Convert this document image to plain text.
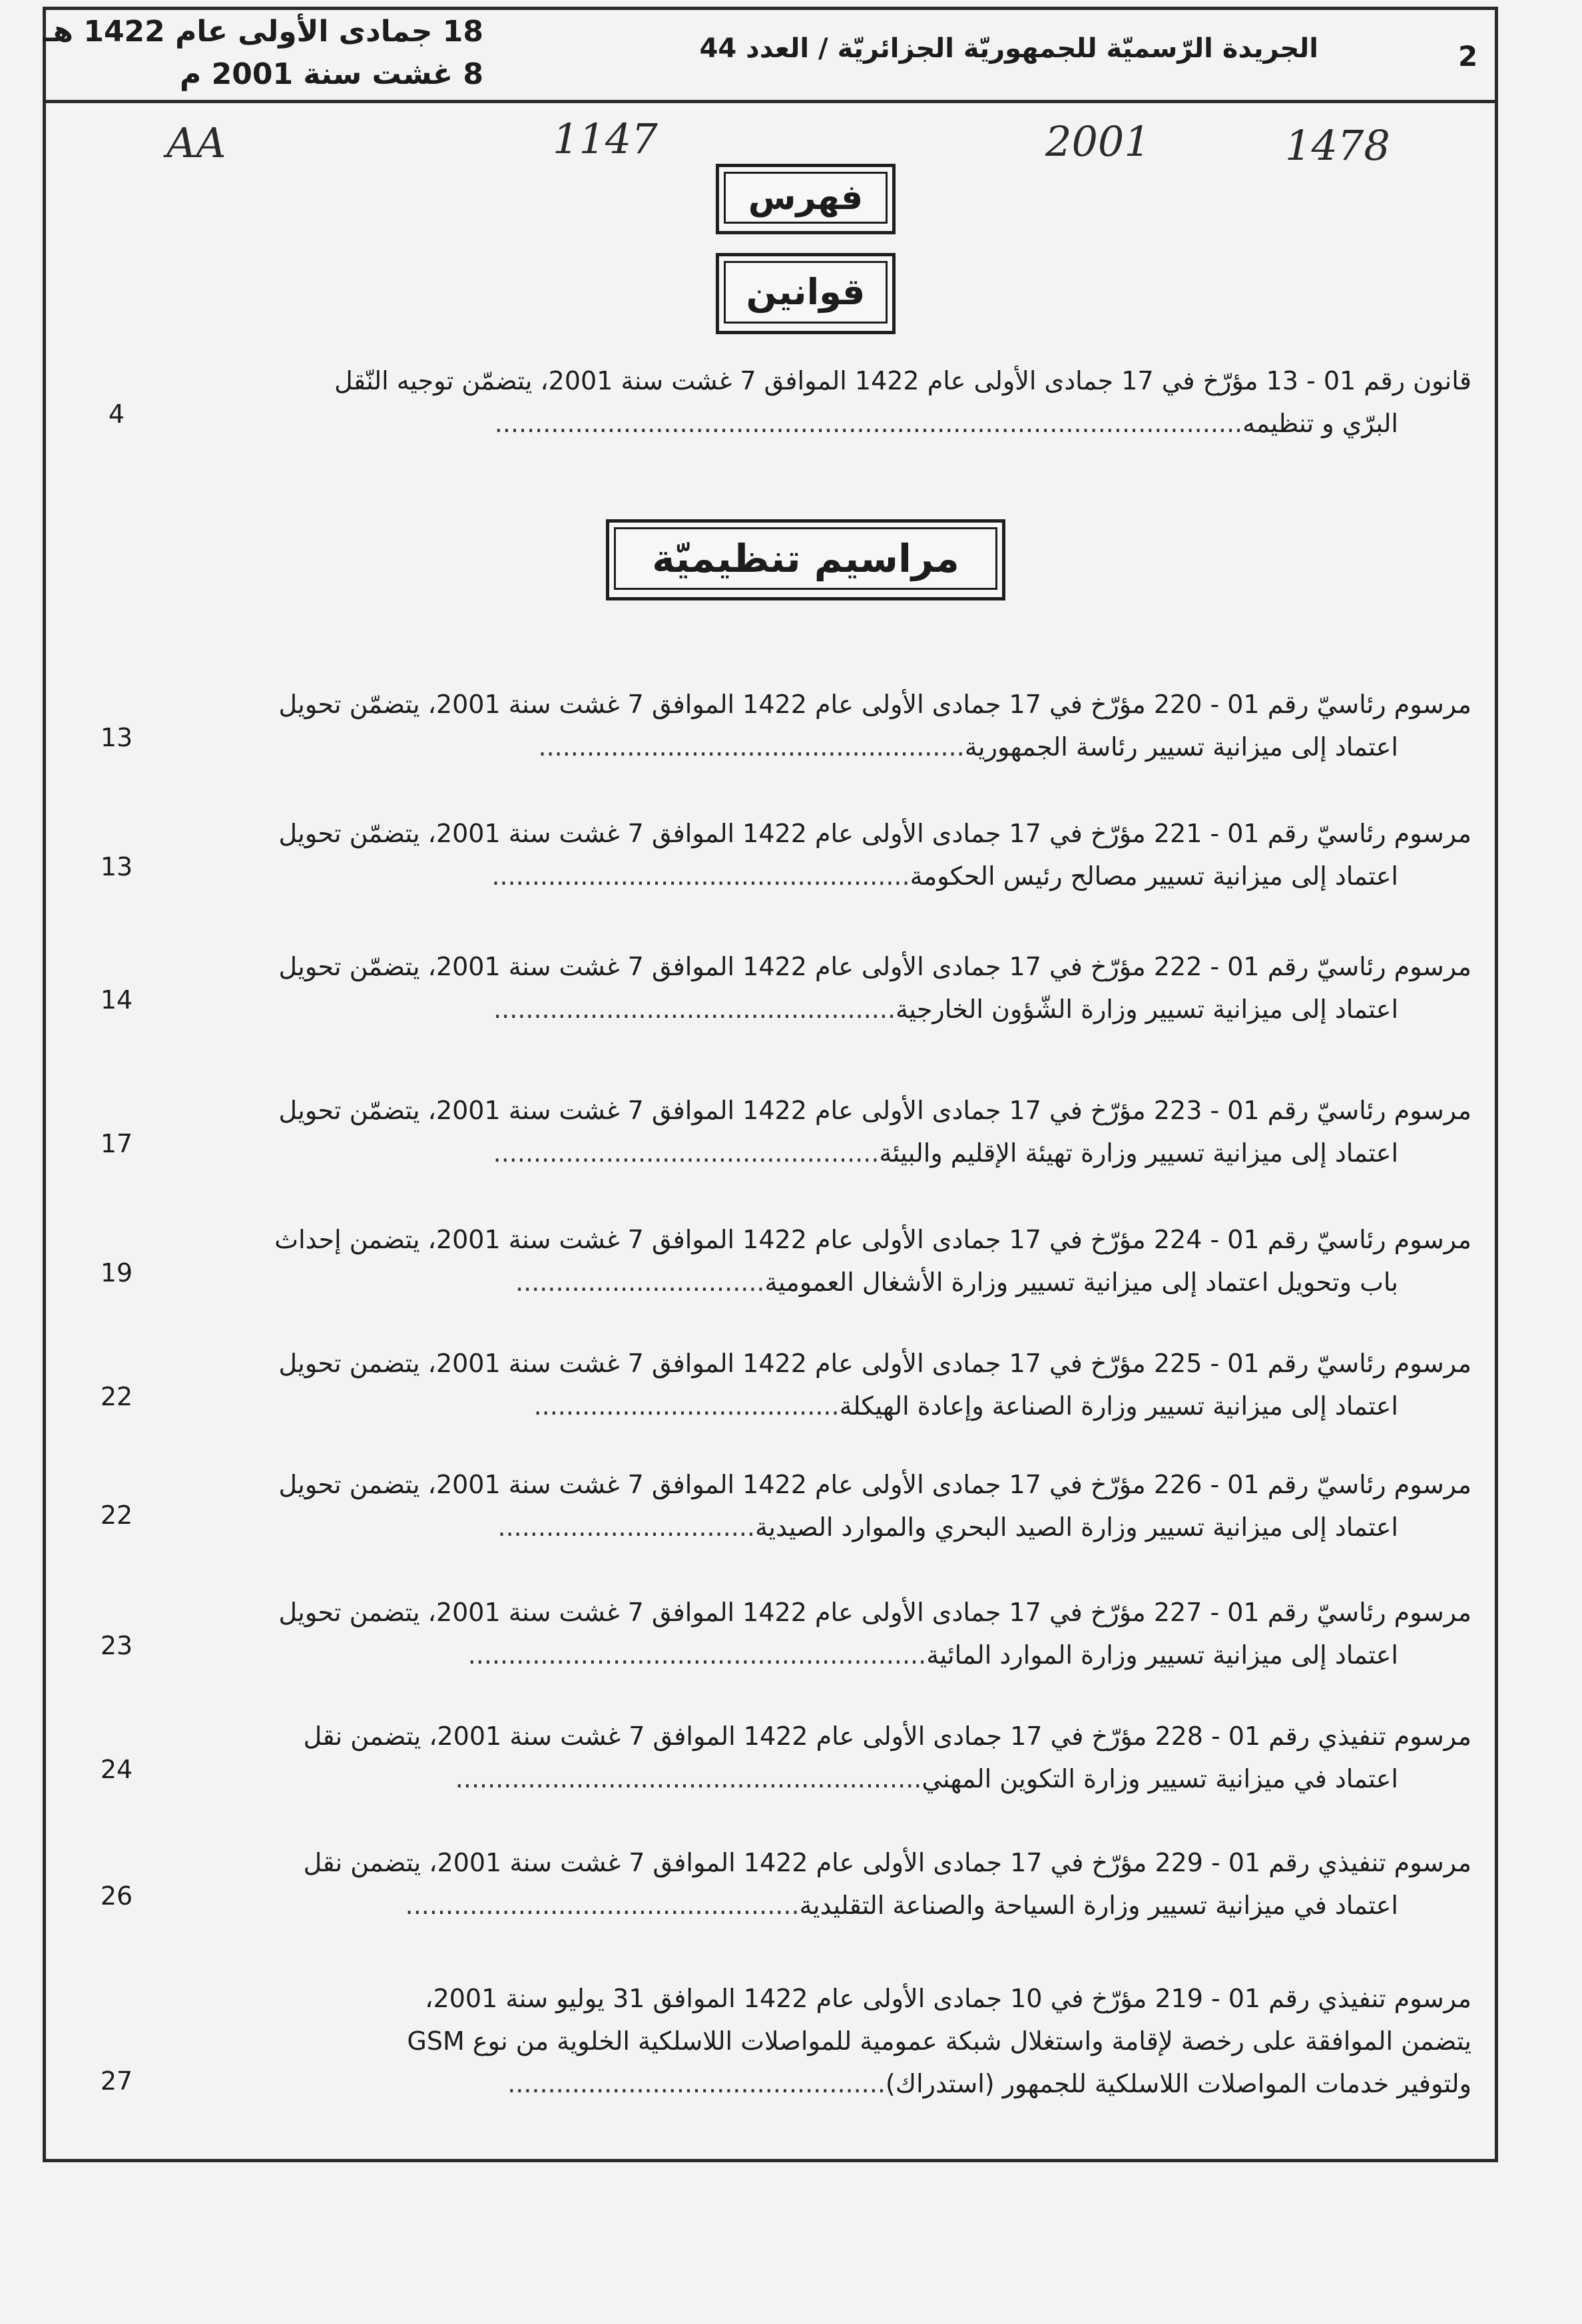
18 جمادى الأولى عام 1422 هـ
8 غشت سنة 2001 م
الجريدة الرّسميّة للجمهوريّة الجزائريّة / العدد 44	2
AA	1147	2001	1478
فهرس
قوانين
قانون رقم 01 - 13 مؤرّخ في 17 جمادى الأولى عام 1422 الموافق 7 غشت سنة 2001، يتضمّن توجيه النّقل
البرّي و تنظيمه.............................................................................................
4
مراسيم تنظيميّة
مرسوم رئاسيّ رقم 01 - 220 مؤرّخ في 17 جمادى الأولى عام 1422 الموافق 7 غشت سنة 2001، يتضمّن تحويل
اعتماد إلى ميزانية تسيير رئاسة الجمهورية.....................................................
13
مرسوم رئاسيّ رقم 01 - 221 مؤرّخ في 17 جمادى الأولى عام 1422 الموافق 7 غشت سنة 2001، يتضمّن تحويل
اعتماد إلى ميزانية تسيير مصالح رئيس الحكومة....................................................
13
مرسوم رئاسيّ رقم 01 - 222 مؤرّخ في 17 جمادى الأولى عام 1422 الموافق 7 غشت سنة 2001، يتضمّن تحويل
اعتماد إلى ميزانية تسيير وزارة الشّؤون الخارجية..................................................
14
مرسوم رئاسيّ رقم 01 - 223 مؤرّخ في 17 جمادى الأولى عام 1422 الموافق 7 غشت سنة 2001، يتضمّن تحويل
اعتماد إلى ميزانية تسيير وزارة تهيئة الإقليم والبيئة................................................
17
مرسوم رئاسيّ رقم 01 - 224 مؤرّخ في 17 جمادى الأولى عام 1422 الموافق 7 غشت سنة 2001، يتضمن إحداث
باب وتحويل اعتماد إلى ميزانية تسيير وزارة الأشغال العمومية...............................
19
مرسوم رئاسيّ رقم 01 - 225 مؤرّخ في 17 جمادى الأولى عام 1422 الموافق 7 غشت سنة 2001، يتضمن تحويل
اعتماد إلى ميزانية تسيير وزارة الصناعة وإعادة الهيكلة......................................
22
مرسوم رئاسيّ رقم 01 - 226 مؤرّخ في 17 جمادى الأولى عام 1422 الموافق 7 غشت سنة 2001، يتضمن تحويل
اعتماد إلى ميزانية تسيير وزارة الصيد البحري والموارد الصيدية................................
22
مرسوم رئاسيّ رقم 01 - 227 مؤرّخ في 17 جمادى الأولى عام 1422 الموافق 7 غشت سنة 2001، يتضمن تحويل
اعتماد إلى ميزانية تسيير وزارة الموارد المائية.........................................................
23
مرسوم تنفيذي رقم 01 - 228 مؤرّخ في 17 جمادى الأولى عام 1422 الموافق 7 غشت سنة 2001، يتضمن نقل
اعتماد في ميزانية تسيير وزارة التكوين المهني..........................................................
24
مرسوم تنفيذي رقم 01 - 229 مؤرّخ في 17 جمادى الأولى عام 1422 الموافق 7 غشت سنة 2001، يتضمن نقل
اعتماد في ميزانية تسيير وزارة السياحة والصناعة التقليدية.................................................
26
مرسوم تنفيذي رقم 01 - 219 مؤرّخ في 10 جمادى الأولى عام 1422 الموافق 31 يوليو سنة 2001،
يتضمن الموافقة على رخصة لإقامة واستغلال شبكة عمومية للمواصلات اللاسلكية الخلوية من نوع GSM
ولتوفير خدمات المواصلات اللاسلكية للجمهور (استدراك)...............................................
27
